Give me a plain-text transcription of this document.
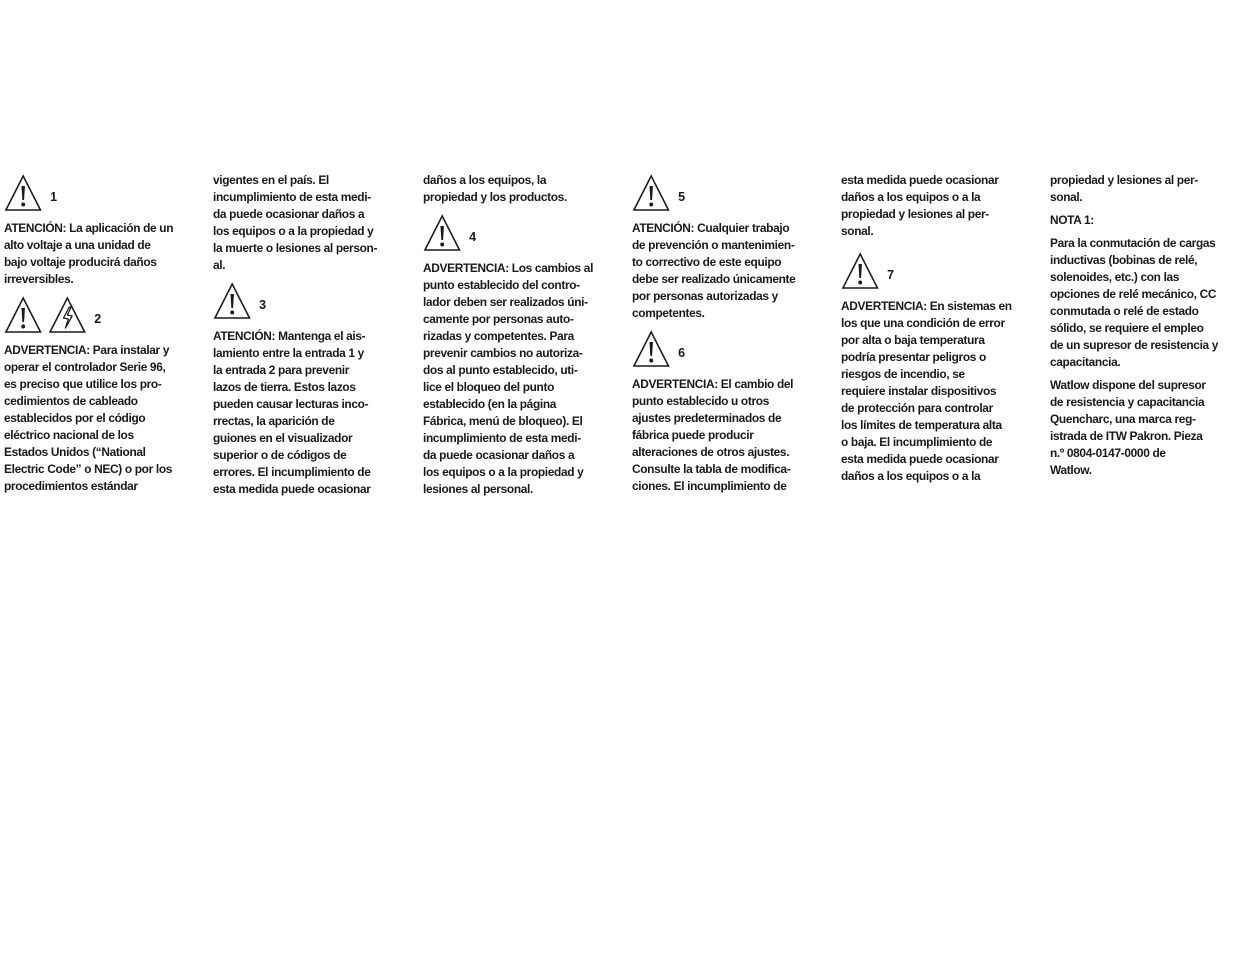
1
ATENCIÓN: La aplicación de un
alto voltaje a una unidad de
bajo voltaje producirá daños
irreversibles.
2
ADVERTENCIA: Para instalar y
operar el controlador Serie 96,
es preciso que utilice los pro-
cedimientos de cableado
establecidos por el código
eléctrico nacional de los
Estados Unidos (“National
Electric Code” o NEC) o por los
procedimientos estándar
vigentes en el país. El
incumplimiento de esta medi-
da puede ocasionar daños a
los equipos o a la propiedad y
la muerte o lesiones al person-
al.
3
ATENCIÓN: Mantenga el ais-
lamiento entre la entrada 1 y
la entrada 2 para prevenir
lazos de tierra. Estos lazos
pueden causar lecturas inco-
rrectas, la aparición de
guiones en el visualizador
superior o de códigos de
errores. El incumplimiento de
esta medida puede ocasionar
daños a los equipos, la
propiedad y los productos.
4
ADVERTENCIA: Los cambios al
punto establecido del contro-
lador deben ser realizados úni-
camente por personas auto-
rizadas y competentes. Para
prevenir cambios no autoriza-
dos al punto establecido, uti-
lice el bloqueo del punto
establecido (en la página
Fábrica, menú de bloqueo). El
incumplimiento de esta medi-
da puede ocasionar daños a
los equipos o a la propiedad y
lesiones al personal.
5
ATENCIÓN: Cualquier trabajo
de prevención o mantenimien-
to correctivo de este equipo
debe ser realizado únicamente
por personas autorizadas y
competentes.
6
ADVERTENCIA: El cambio del
punto establecido u otros
ajustes predeterminados de
fábrica puede producir
alteraciones de otros ajustes.
Consulte la tabla de modifica-
ciones. El incumplimiento de
esta medida puede ocasionar
daños a los equipos o a la
propiedad y lesiones al per-
sonal.
7
ADVERTENCIA: En sistemas en
los que una condición de error
por alta o baja temperatura
podría presentar peligros o
riesgos de incendio, se
requiere instalar dispositivos
de protección para controlar
los límites de temperatura alta
o baja. El incumplimiento de
esta medida puede ocasionar
daños a los equipos o a la
propiedad y lesiones al per-
sonal.
NOTA 1:
Para la conmutación de cargas
inductivas (bobinas de relé,
solenoides, etc.) con las
opciones de relé mecánico, CC
conmutada o relé de estado
sólido, se requiere el empleo
de un supresor de resistencia y
capacitancia.
Watlow dispone del supresor
de resistencia y capacitancia
Quencharc, una marca reg-
istrada de ITW Pakron. Pieza
n.º 0804-0147-0000 de
Watlow.
